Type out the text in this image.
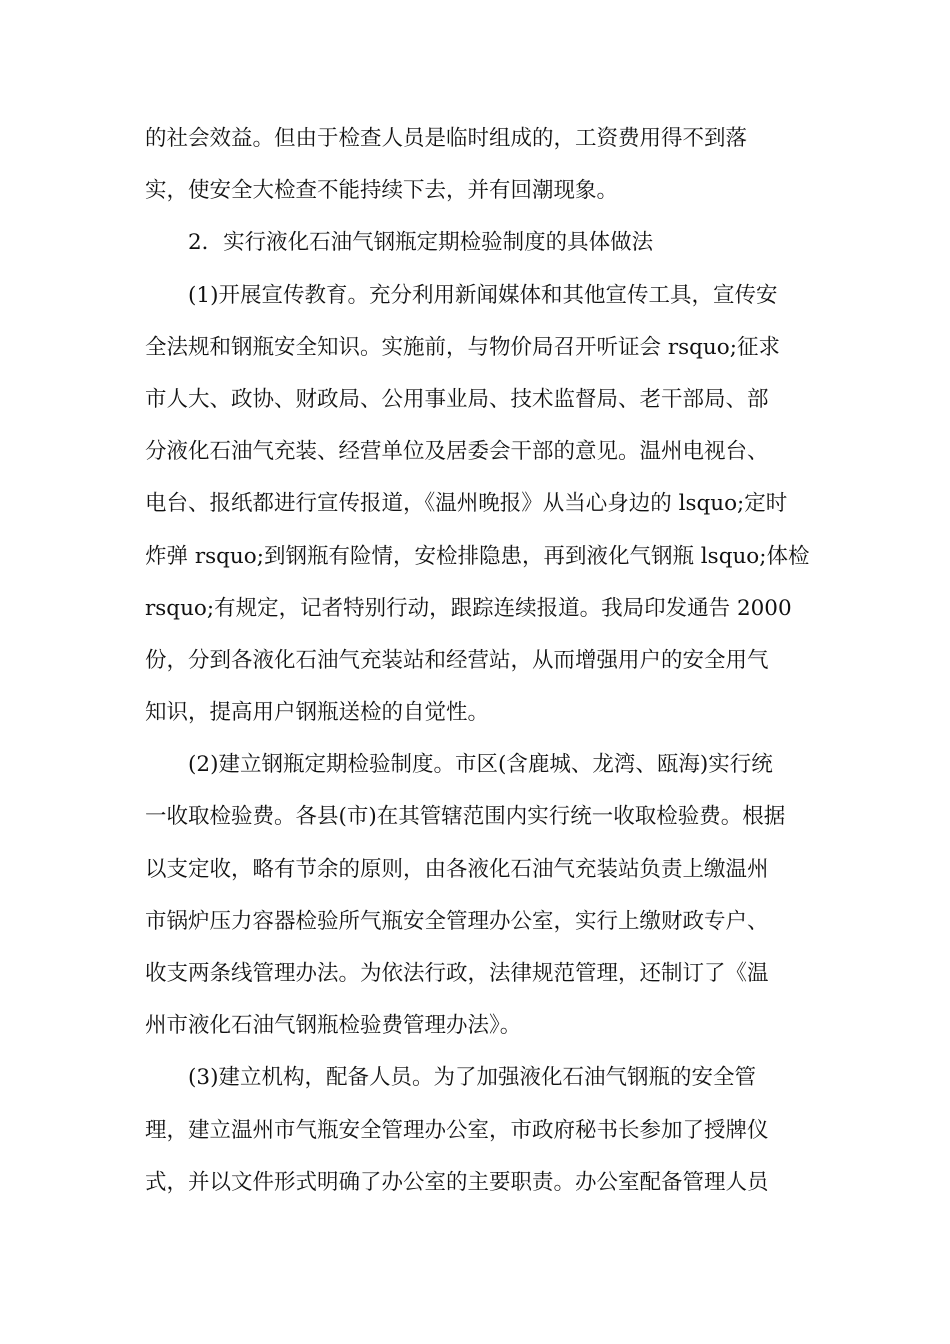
的社会效益。但由于检查人员是临时组成的，工资费用得不到落
实，使安全大检查不能持续下去，并有回潮现象。
2．实行液化石油气钢瓶定期检验制度的具体做法
(1)开展宣传教育。充分利用新闻媒体和其他宣传工具，宣传安
全法规和钢瓶安全知识。实施前，与物价局召开听证会 rsquo;征求
市人大、政协、财政局、公用事业局、技术监督局、老干部局、部
分液化石油气充装、经营单位及居委会干部的意见。温州电视台、
电台、报纸都进行宣传报道，《温州晚报》从当心身边的 lsquo;定时
炸弹 rsquo;到钢瓶有险情，安检排隐患，再到液化气钢瓶 lsquo;体检
rsquo;有规定，记者特别行动，跟踪连续报道。我局印发通告 2000
份，分到各液化石油气充装站和经营站，从而增强用户的安全用气
知识，提高用户钢瓶送检的自觉性。
(2)建立钢瓶定期检验制度。市区(含鹿城、龙湾、瓯海)实行统
一收取检验费。各县(市)在其管辖范围内实行统一收取检验费。根据
以支定收，略有节余的原则，由各液化石油气充装站负责上缴温州
市锅炉压力容器检验所气瓶安全管理办公室，实行上缴财政专户、
收支两条线管理办法。为依法行政，法律规范管理，还制订了《温
州市液化石油气钢瓶检验费管理办法》。
(3)建立机构，配备人员。为了加强液化石油气钢瓶的安全管
理，建立温州市气瓶安全管理办公室，市政府秘书长参加了授牌仪
式，并以文件形式明确了办公室的主要职责。办公室配备管理人员
